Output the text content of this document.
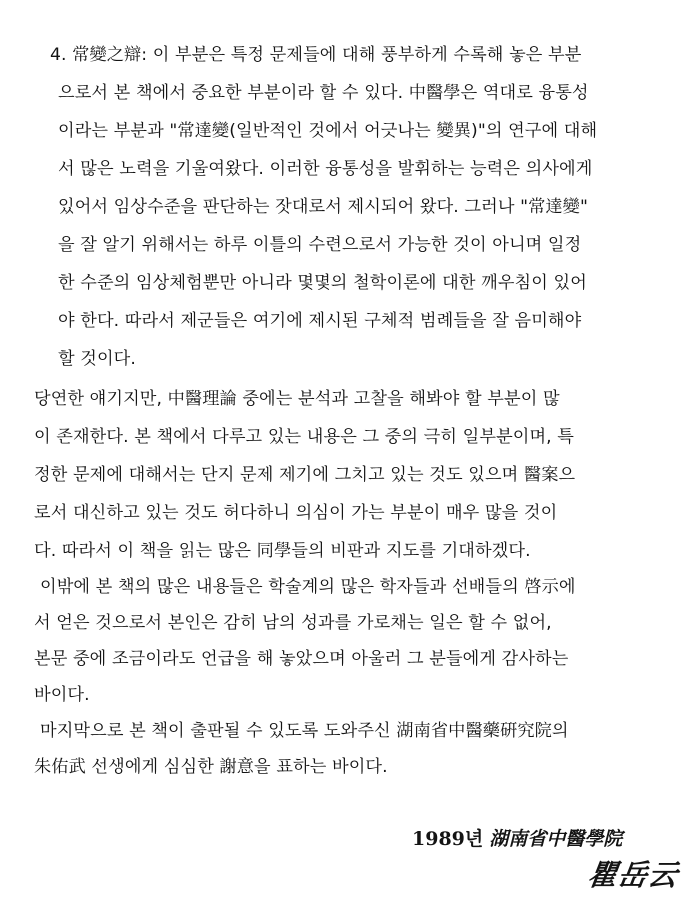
4. 常變之辯: 이 부분은 특정 문제들에 대해 풍부하게 수록해 놓은 부분
으로서 본 책에서 중요한 부분이라 할 수 있다. 中醫學은 역대로 융통성
이라는 부분과 "常達變(일반적인 것에서 어긋나는 變異)"의 연구에 대해
서 많은 노력을 기울여왔다. 이러한 융통성을 발휘하는 능력은 의사에게
있어서 임상수준을 판단하는 잣대로서 제시되어 왔다. 그러나 "常達變"
을 잘 알기 위해서는 하루 이틀의 수련으로서 가능한 것이 아니며 일정
한 수준의 임상체험뿐만 아니라 몇몇의 철학이론에 대한 깨우침이 있어
야 한다. 따라서 제군들은 여기에 제시된 구체적 범례들을 잘 음미해야
할 것이다.
당연한 얘기지만, 中醫理論 중에는 분석과 고찰을 해봐야 할 부분이 많
이 존재한다. 본 책에서 다루고 있는 내용은 그 중의 극히 일부분이며, 특
정한 문제에 대해서는 단지 문제 제기에 그치고 있는 것도 있으며 醫案으
로서 대신하고 있는 것도 허다하니 의심이 가는 부분이 매우 많을 것이
다. 따라서 이 책을 읽는 많은 同學들의 비판과 지도를 기대하겠다.
이밖에 본 책의 많은 내용들은 학술계의 많은 학자들과 선배들의 啓示에
서 얻은 것으로서 본인은 감히 남의 성과를 가로채는 일은 할 수 없어,
본문 중에 조금이라도 언급을 해 놓았으며 아울러 그 분들에게 감사하는
바이다.
마지막으로 본 책이 출판될 수 있도록 도와주신 湖南省中醫藥硏究院의
朱佑武 선생에게 심심한 謝意을 표하는 바이다.
1989년 湖南省中醫學院
瞿岳云
